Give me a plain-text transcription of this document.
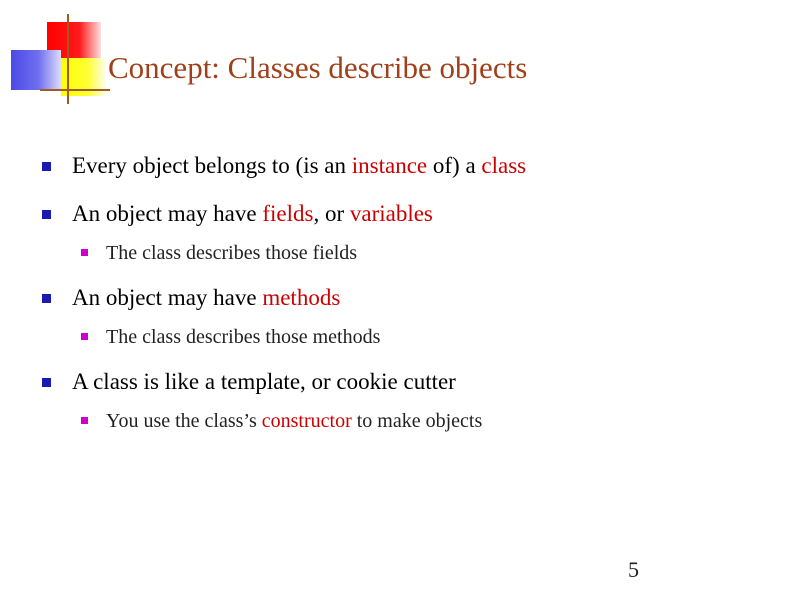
Concept: Classes describe objects
Every object belongs to (is an instance of) a class
An object may have fields, or variables
The class describes those fields
An object may have methods
The class describes those methods
A class is like a template, or cookie cutter
You use the class’s constructor to make objects
5
